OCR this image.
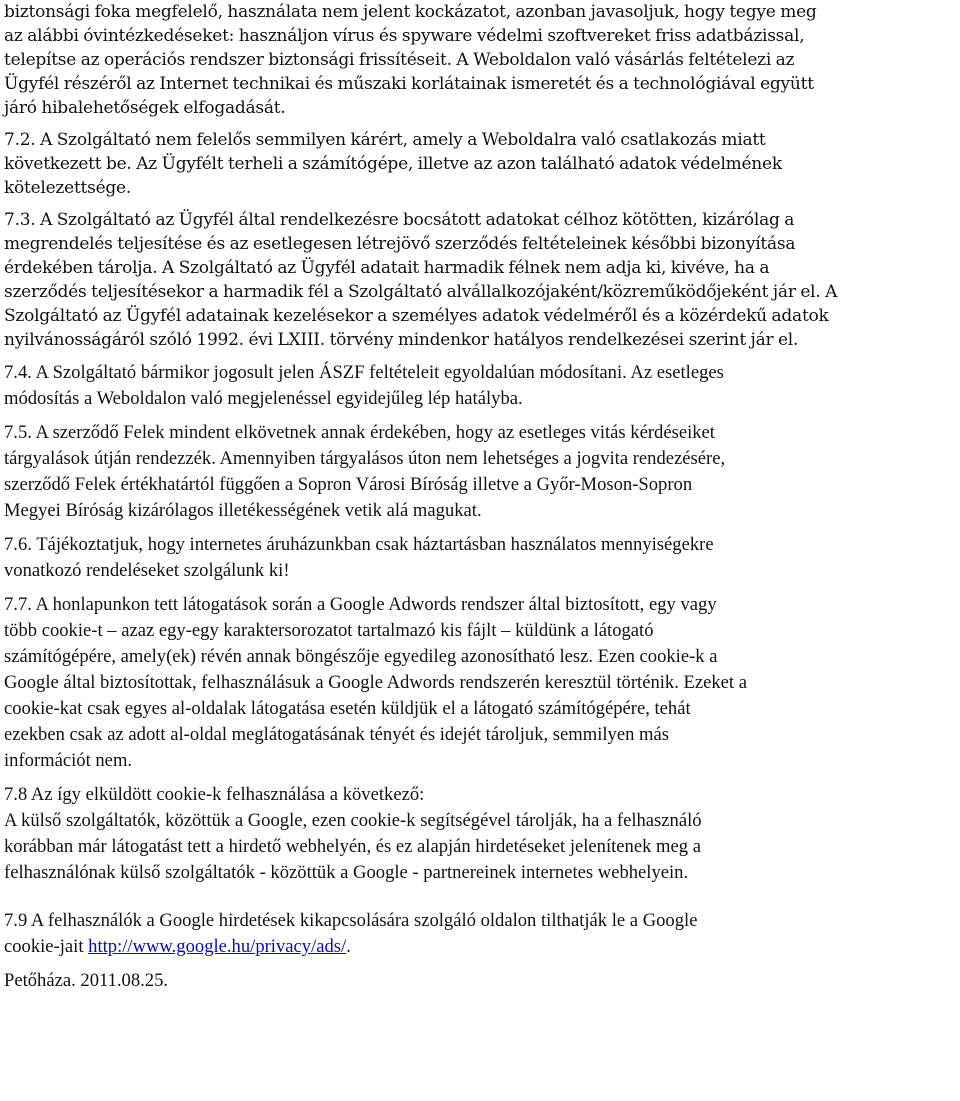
biztonsági foka megfelelő, használata nem jelent kockázatot, azonban javasoljuk, hogy tegye meg
az alábbi óvintézkedéseket: használjon vírus és spyware védelmi szoftvereket friss adatbázissal,
telepítse az operációs rendszer biztonsági frissítéseit. A Weboldalon való vásárlás feltételezi az
Ügyfél részéről az Internet technikai és műszaki korlátainak ismeretét és a technológiával együtt
járó hibalehetőségek elfogadását.

7.2. A Szolgáltató nem felelős semmilyen kárért, amely a Weboldalra való csatlakozás miatt
következett be. Az Ügyfélt terheli a számítógépe, illetve az azon található adatok védelmének
kötelezettsége.

7.3. A Szolgáltató az Ügyfél által rendelkezésre bocsátott adatokat célhoz kötötten, kizárólag a
megrendelés teljesítése és az esetlegesen létrejövő szerződés feltételeinek későbbi bizonyítása
érdekében tárolja. A Szolgáltató az Ügyfél adatait harmadik félnek nem adja ki, kivéve, ha a
szerződés teljesítésekor a harmadik fél a Szolgáltató alvállalkozójaként/közreműködőjeként jár el. A
Szolgáltató az Ügyfél adatainak kezelésekor a személyes adatok védelméről és a közérdekű adatok
nyilvánosságáról szóló 1992. évi LXIII. törvény mindenkor hatályos rendelkezései szerint jár el.

7.4. A Szolgáltató bármikor jogosult jelen ÁSZF feltételeit egyoldalúan módosítani. Az esetleges
módosítás a Weboldalon való megjelenéssel egyidejűleg lép hatályba.

7.5. A szerződő Felek mindent elkövetnek annak érdekében, hogy az esetleges vitás kérdéseiket
tárgyalások útján rendezzék. Amennyiben tárgyalásos úton nem lehetséges a jogvita rendezésére,
szerződő Felek értékhatártól függően a Sopron Városi Bíróság illetve a Győr-Moson-Sopron
Megyei Bíróság kizárólagos illetékességének vetik alá magukat.

7.6. Tájékoztatjuk, hogy internetes áruházunkban csak háztartásban használatos mennyiségekre
vonatkozó rendeléseket szolgálunk ki!

7.7. A honlapunkon tett látogatások során a Google Adwords rendszer által biztosított, egy vagy
több cookie-t – azaz egy-egy karaktersorozatot tartalmazó kis fájlt – küldünk a látogató
számítógépére, amely(ek) révén annak böngészője egyedileg azonosítható lesz. Ezen cookie-k a
Google által biztosítottak, felhasználásuk a Google Adwords rendszerén keresztül történik. Ezeket a
cookie-kat csak egyes al-oldalak látogatása esetén küldjük el a látogató számítógépére, tehát
ezekben csak az adott al-oldal meglátogatásának tényét és idejét tároljuk, semmilyen más
információt nem.

7.8 Az így elküldött cookie-k felhasználása a következő:
A külső szolgáltatók, közöttük a Google, ezen cookie-k segítségével tárolják, ha a felhasználó
korábban már látogatást tett a hirdető webhelyén, és ez alapján hirdetéseket jelenítenek meg a
felhasználónak külső szolgáltatók - közöttük a Google - partnereinek internetes webhelyein.

7.9 A felhasználók a Google hirdetések kikapcsolására szolgáló oldalon tilthatják le a Google
cookie-jait http://www.google.hu/privacy/ads/.

Petőháza. 2011.08.25.
